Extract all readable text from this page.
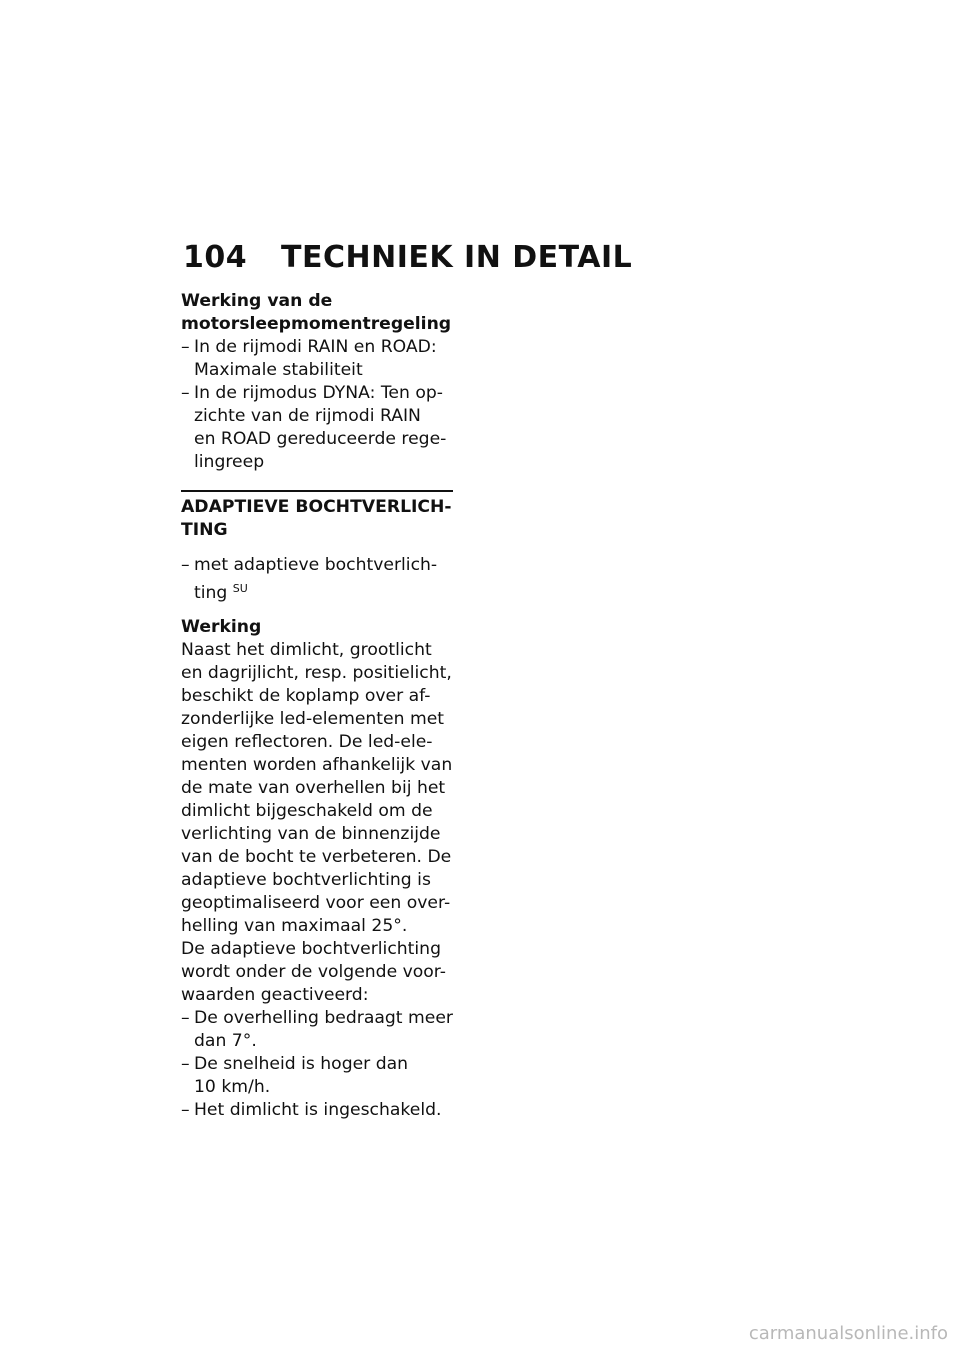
104 TECHNIEK IN DETAIL

Werking van de
motorsleepmomentregeling

– In de rijmodi RAIN en ROAD:
Maximale stabiliteit
– In de rijmodus DYNA: Ten op-
zichte van de rijmodi RAIN
en ROAD gereduceerde rege-
lingreep

ADAPTIEVE BOCHTVERLICH-
TING

– met adaptieve bochtverlich-
ting $^{SU}$

Werking

Naast het dimlicht, grootlicht
en dagrijlicht, resp. positielicht,
beschikt de koplamp over af-
zonderlijke led-elementen met
eigen reflectoren. De led-ele-
menten worden afhankelijk van
de mate van overhellen bij het
dimlicht bijgeschakeld om de
verlichting van de binnenzijde
van de bocht te verbeteren. De
adaptieve bochtverlichting is
geoptimaliseerd voor een over-
helling van maximaal 25°.

De adaptieve bochtverlichting
wordt onder de volgende voor-
waarden geactiveerd:

– De overhelling bedraagt meer
dan 7°.
– De snelheid is hoger dan
10 km/h.
– Het dimlicht is ingeschakeld.
carmanualsonline.info
